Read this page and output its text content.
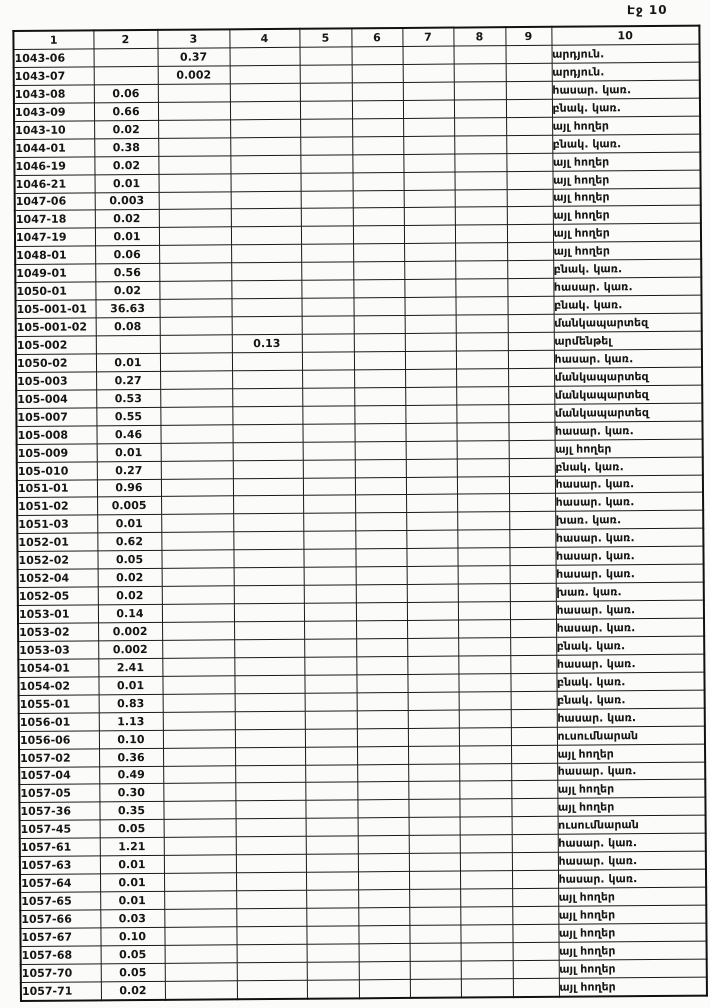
Էջ 10
1	2	3	4	5	6	7	8	9	10
1043-06		0.37							արդյուն.
1043-07		0.002							արդյուն.
1043-08	0.06								հասար. կառ.
1043-09	0.66								բնակ. կառ.
1043-10	0.02								այլ հողեր
1044-01	0.38								բնակ. կառ.
1046-19	0.02								այլ հողեր
1046-21	0.01								այլ հողեր
1047-06	0.003								այլ հողեր
1047-18	0.02								այլ հողեր
1047-19	0.01								այլ հողեր
1048-01	0.06								այլ հողեր
1049-01	0.56								բնակ. կառ.
1050-01	0.02								հասար. կառ.
105-001-01	36.63								բնակ. կառ.
105-001-02	0.08								մանկապարտեզ
105-002			0.13						արմենթել
1050-02	0.01								հասար. կառ.
105-003	0.27								մանկապարտեզ
105-004	0.53								մանկապարտեզ
105-007	0.55								մանկապարտեզ
105-008	0.46								հասար. կառ.
105-009	0.01								այլ հողեր
105-010	0.27								բնակ. կառ.
1051-01	0.96								հասար. կառ.
1051-02	0.005								հասար. կառ.
1051-03	0.01								խառ. կառ.
1052-01	0.62								հասար. կառ.
1052-02	0.05								հասար. կառ.
1052-04	0.02								հասար. կառ.
1052-05	0.02								խառ. կառ.
1053-01	0.14								հասար. կառ.
1053-02	0.002								հասար. կառ.
1053-03	0.002								բնակ. կառ.
1054-01	2.41								հասար. կառ.
1054-02	0.01								բնակ. կառ.
1055-01	0.83								բնակ. կառ.
1056-01	1.13								հասար. կառ.
1056-06	0.10								ուսումնարան
1057-02	0.36								այլ հողեր
1057-04	0.49								հասար. կառ.
1057-05	0.30								այլ հողեր
1057-36	0.35								այլ հողեր
1057-45	0.05								ուսումնարան
1057-61	1.21								հասար. կառ.
1057-63	0.01								հասար. կառ.
1057-64	0.01								հասար. կառ.
1057-65	0.01								այլ հողեր
1057-66	0.03								այլ հողեր
1057-67	0.10								այլ հողեր
1057-68	0.05								այլ հողեր
1057-70	0.05								այլ հողեր
1057-71	0.02								այլ հողեր
